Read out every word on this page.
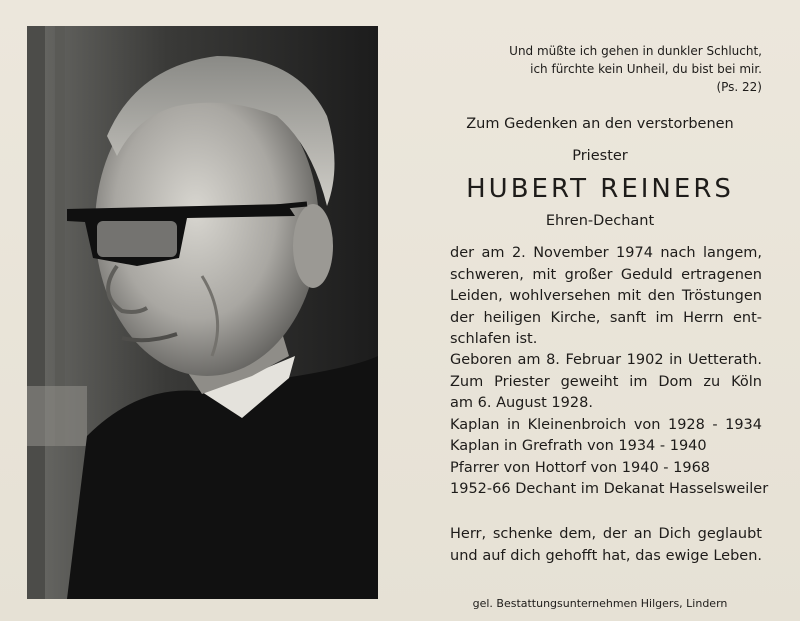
Und müßte ich gehen in dunkler Schlucht,
ich fürchte kein Unheil, du bist bei mir.
(Ps. 22)
Zum Gedenken an den verstorbenen
Priester
HUBERT REINERS
Ehren-Dechant
der am 2. November 1974 nach langem,
schweren, mit großer Geduld ertragenen
Leiden, wohlversehen mit den Tröstungen
der heiligen Kirche, sanft im Herrn ent-
schlafen ist.
Geboren am 8. Februar 1902 in Uetterath.
Zum Priester geweiht im Dom zu Köln
am 6. August 1928.
Kaplan in Kleinenbroich von 1928 - 1934
Kaplan in Grefrath von 1934 - 1940
Pfarrer von Hottorf von 1940 - 1968
1952-66 Dechant im Dekanat Hasselsweiler
Herr, schenke dem, der an Dich geglaubt
und auf dich gehofft hat, das ewige Leben.
gel. Bestattungsunternehmen Hilgers, Lindern
